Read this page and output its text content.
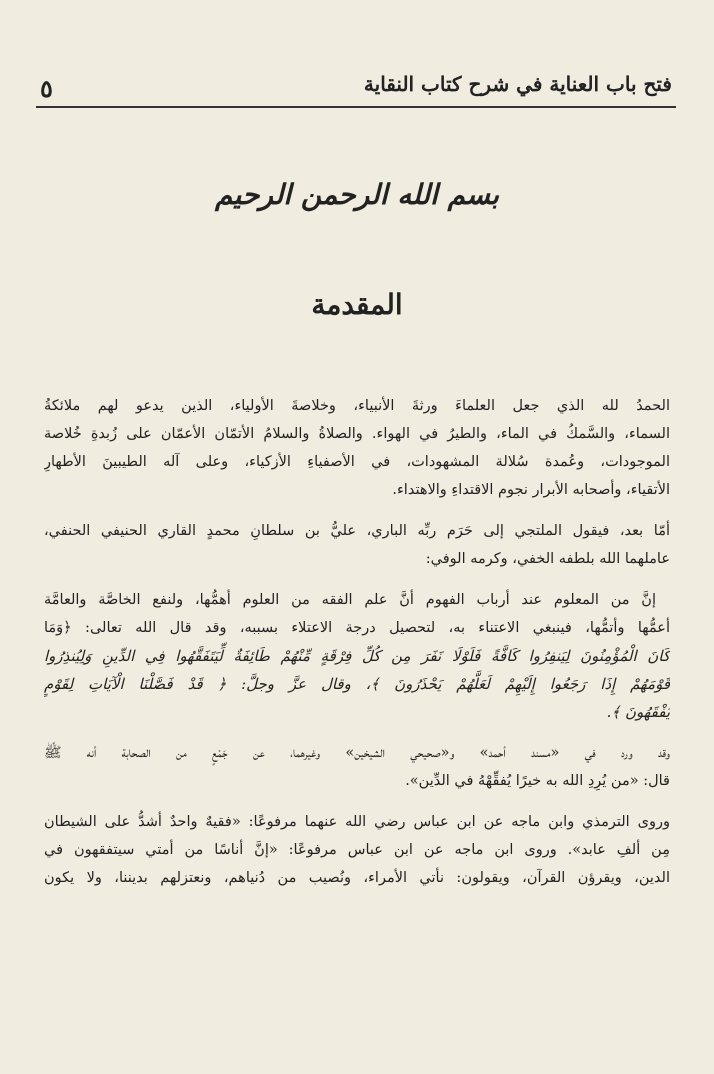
٥	فتح باب العناية في شرح كتاب النقاية
بسم الله الرحمن الرحيم
المقدمة
الحمدُ لله الذي جعل العلماءَ ورثةَ الأنبياء، وخلاصةَ الأولياء، الذين يدعو لهم ملائكةُ
السماء، والسَّمكُ في الماء، والطيرُ في الهواء. والصلاةُ والسلامُ الأتمّان الأعمّان على زُبدةِ خُلاصة
الموجودات، وعُمدة سُلالة المشهودات، في الأصفياءِ الأزكياء، وعلى آله الطيبينَ الأطهارِ
الأتقياء، وأصحابه الأبرار نجوم الاقتداءِ والاهتداء.
أمّا بعد، فيقول الملتجي إلى حَرَم ربِّه الباري، عليُّ بن سلطانِ محمدٍ القاري الحنيفي الحنفي،
عاملهما الله بلطفه الخفي، وكرمه الوفي:
إنَّ من المعلوم عند أرباب الفهوم أنَّ علم الفقه من العلوم أهمُّها، ولنفع الخاصَّة والعامَّة
أعمُّها وأتمُّها، فينبغي الاعتناء به، لتحصيل درجة الاعتلاء بسببه، وقد قال الله تعالى: ﴿وَمَا
كَانَ الْمُؤْمِنُونَ لِيَنفِرُوا كَافَّةً فَلَوْلَا نَفَرَ مِن كُلِّ فِرْقَةٍ مِّنْهُمْ طَائِفَةٌ لِّيَتَفَقَّهُوا فِي الدِّينِ وَلِيُنذِرُوا
قَوْمَهُمْ إِذَا رَجَعُوا إِلَيْهِمْ لَعَلَّهُمْ يَحْذَرُونَ ﴾، وقال عزَّ وجلَّ: ﴿ قَدْ فَصَّلْنَا الْآيَاتِ لِقَوْمٍ
يَفْقَهُونَ ﴾.
وقد ورد في «مسند أحمد» و«صحيحي الشيخين» وغيرهما، عن جَمْعٍ من الصحابة أنه ﷺ
قال: «من يُرِدِ الله به خيرًا يُفقِّهْهُ في الدِّين».
وروى الترمذي وابن ماجه عن ابن عباس رضي الله عنهما مرفوعًا: «فقيهٌ واحدٌ أشدُّ على الشيطان
مِن ألفِ عابد». وروى ابن ماجه عن ابن عباس مرفوعًا: «إنَّ أناسًا من أمتي سيتفقهون في
الدين، ويقرؤن القرآن، ويقولون: نأتي الأمراء، ونُصيب من دُنياهم، ونعتزلهم بديننا، ولا يكون
